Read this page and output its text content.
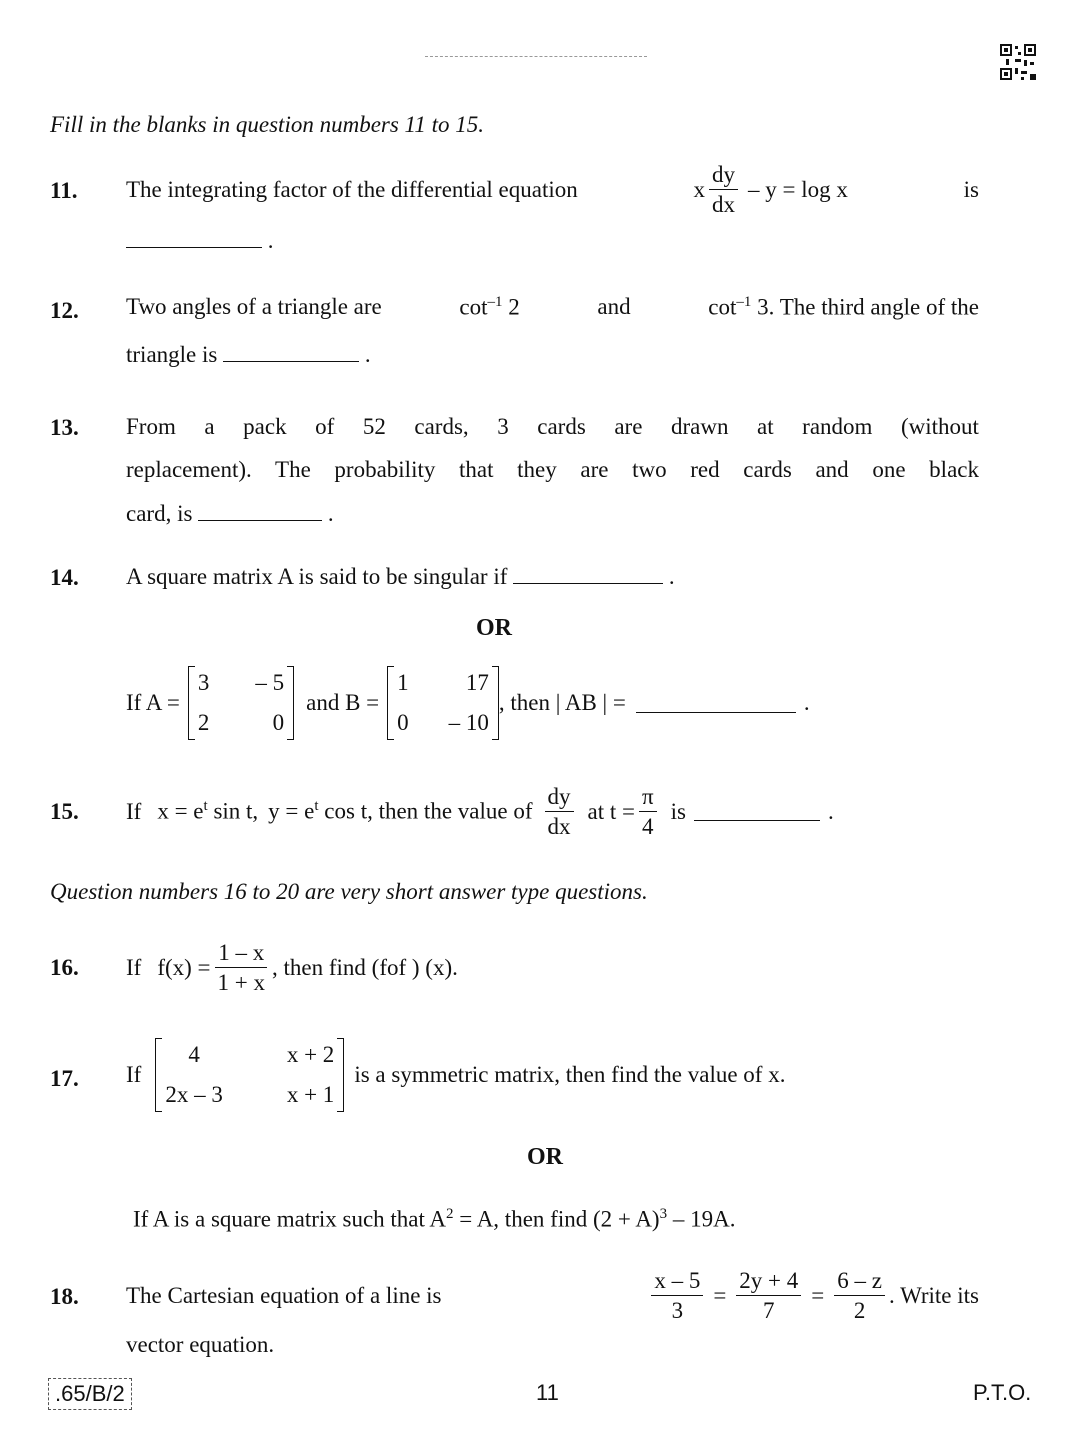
Fill in the blanks in question numbers 11 to 15.
11. The integrating factor of the differential equation	x $\frac{dy}{dx} - y = \log x$	is
.
12. Two angles of a triangle are	$\cot^{-1} 2$	and	$\cot^{-1} 3$. The third angle of the
triangle is	.
13. From a pack of 52 cards, 3 cards are drawn at random (without
replacement). The probability that they are two red cards and one black
card, is	.
14. A square matrix A is said to be singular if	.
OR
If A =
3 – 5
2	0
and B =
1	17
0 – 10
, then | AB | =	.
15. If $x = e^t$ sin t, $y = e^t$ cos t, then the value of $\frac{dy}{dx}$ at $t = \frac{\pi}{4}$ is	.
Question numbers 16 to 20 are very short answer type questions.
16. If $f(x) = \frac{1 - x}{1 + x}$ , then find (fof ) (x).
17. If
4	x + 2
2x – 3	x + 1
is a symmetric matrix, then find the value of x.
OR
If A is a square matrix such that $A^2 = A$, then find $(2 + A)^3 - 19A$.
18. The Cartesian equation of a line is	$\frac{x - 5}{3} = \frac{2y + 4}{7} = \frac{6 - z}{2}$ . Write its
vector equation.
.65/B/2	11	P.T.O.
